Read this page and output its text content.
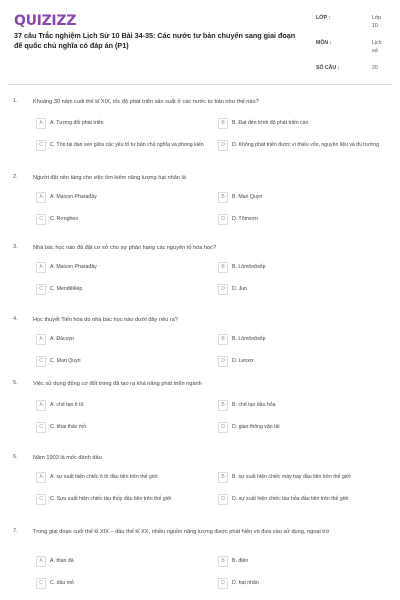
QUIZIZZ
37 câu Trắc nghiệm Lịch Sử 10 Bài 34-35: Các nước tư bản chuyển sang giai đoạn đế quốc chủ nghĩa có đáp án (P1)
LỚP :	Lớp 10
MÔN :	Lịch sử
SỐ CÂU :	20
1.	Khoảng 30 năm cuối thế kỉ XIX, tốc độ phát triển sản xuất ở các nước tư bản như thế nào?
A	A. Tương đối phát triển	B	B. Đạt đến trình độ phát triển cao
C	C. Tồn tại đan xen giữa các yếu tố tư bản chủ nghĩa và phong kiến	D	D. Không phát triển được vì thiếu vốn, nguyên liệu và thị trường
2.	Người đặt nền tảng cho việc tìm kiếm năng lượng hạt nhân là
A	A. Maicon Pharađây	B	B. Mari Quyri
C	C. Rơnghen	D	D. Tômxơn
3.	Nhà bác học nào đã đặt cơ sở cho sự phân hạng các nguyên tố hóa học?
A	A. Maicon Pharađây	B	B. Lômônôxốp
C	C. Menđêlêép	D	D. Jun
4.	Học thuyết Tiến hóa do nhà bác học nào dưới đây nêu ra?
A	A. Đácuyn	B	B. Lômônôxốp
C	C. Mari Quyri	D	D. Lenxơ
5.	Việc sử dụng động cơ đốt trong đã tạo ra khả năng phát triển ngành
A	A. chế tạo ô tô	B	B. chế tạo dầu hỏa
C	C. khai thác mỏ	D	D. giao thông vận tải
6.	Năm 1903 là mốc đánh dấu
A	A. sự xuất hiện chiếc ô tô đầu tiên trên thế giới	B	B. sự xuất hiện chiếc máy bay đầu tiên trên thế giới
C	C. Sựu xuất hiện chiếc tàu thủy đầu tiên trên thế giới	D	D. sự xuất hiện chiếc tàu hỏa đầu tiên trên thế giới
7.	Trong giai đoạn cuối thế kỉ XIX – đầu thế kỉ XX, nhiều nguồn năng lượng được phát hiện và đưa vào sử dụng, ngoại trừ
A	A. than đá	B	B. điện
C	C. dầu mỏ	D	D. hạt nhân
